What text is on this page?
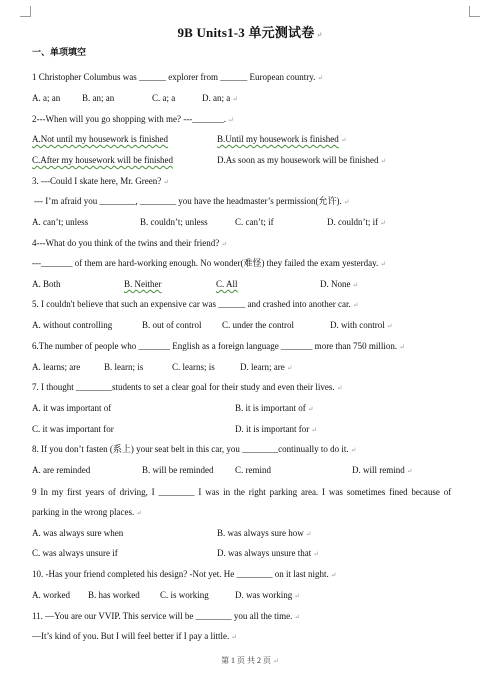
9B Units1-3 单元测试卷 ↵
一、单项填空
1 Christopher Columbus was ______ explorer from ______ European country. ↵
A. a; an B. an; an	C. a; a	D. an; a ↵
2---When will you go shopping with me? ---_______. ↵
A.Not until my housework is finished	B.Until my housework is finished ↵
C.After my housework will be finished	D.As soon as my housework will be finished ↵
3. ---Could I skate here, Mr. Green? ↵
--- I’m afraid you ________, ________ you have the headmaster’s permission(允许). ↵
A. can’t; unless	B. couldn’t; unless	C. can’t; if	D. couldn’t; if ↵
4---What do you think of the twins and their friend? ↵
---_______ of them are hard-working enough. No wonder(难怪) they failed the exam yesterday. ↵
A. Both	B. Neither	C. All	D. None ↵
5. I couldn't believe that such an expensive car was ______ and crashed into another car. ↵
A. without controlling	B. out of control C. under the control	D. with control ↵
6.The number of people who _______ English as a foreign language _______ more than 750 million. ↵
A. learns; are	B. learn; is	C. learns; is	D. learn; are ↵
7. I thought ________students to set a clear goal for their study and even their lives. ↵
A. it was important of	B. it is important of ↵
C. it was important for	D. it is important for ↵
8. If you don’t fasten (系上) your seat belt in this car, you ________continually to do it. ↵
A. are reminded	B. will be reminded C. remind	D. will remind ↵
9 In my first years of driving, I ________ I was in the right parking area. I was sometimes fined because of
parking in the wrong places. ↵
A. was always sure when	B. was always sure how ↵
C. was always unsure if	D. was always unsure that ↵
10. -Has your friend completed his design? -Not yet. He ________ on it last night. ↵
A. worked B. has worked C. is working	D. was working ↵
11. —You are our VVIP. This service will be ________ you all the time. ↵
—It’s kind of you. But I will feel better if I pay a little. ↵
第 1 页 共 2 页 ↵
